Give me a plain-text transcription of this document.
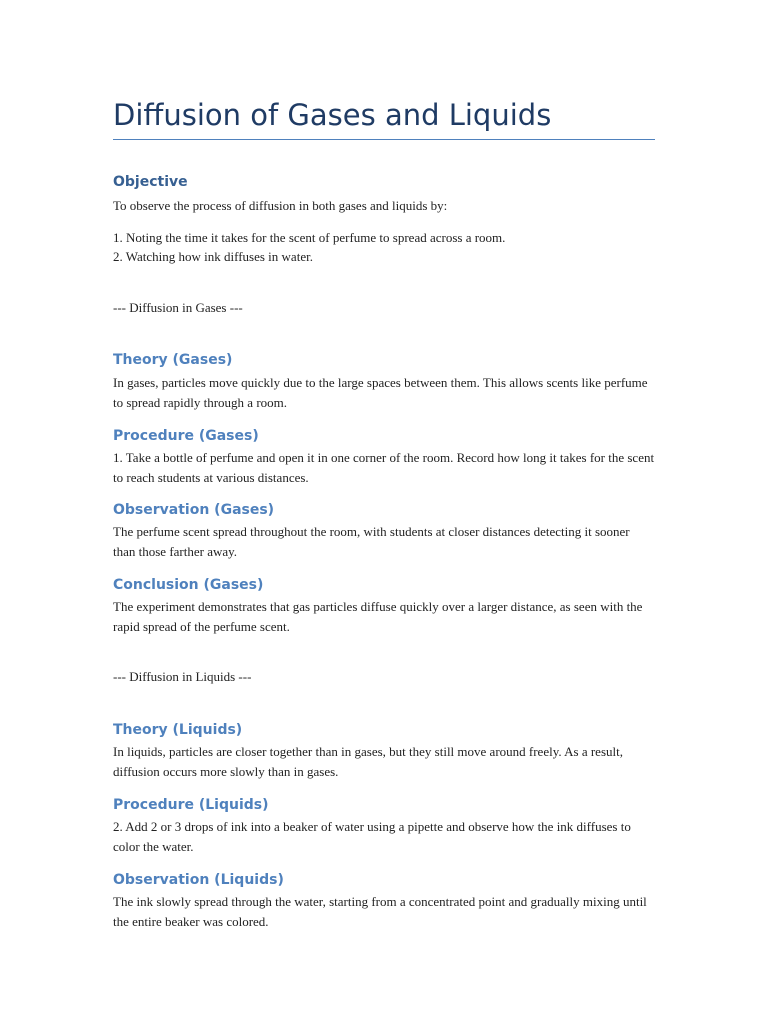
Diffusion of Gases and Liquids
Objective

To observe the process of diffusion in both gases and liquids by:

1. Noting the time it takes for the scent of perfume to spread across a room.

2. Watching how ink diffuses in water.

--- Diffusion in Gases ---

Theory (Gases)

In gases, particles move quickly due to the large spaces between them. This allows scents like perfume to spread rapidly through a room.

Procedure (Gases)

1. Take a bottle of perfume and open it in one corner of the room. Record how long it takes for the scent to reach students at various distances.

Observation (Gases)

The perfume scent spread throughout the room, with students at closer distances detecting it sooner than those farther away.

Conclusion (Gases)

The experiment demonstrates that gas particles diffuse quickly over a larger distance, as seen with the rapid spread of the perfume scent.

--- Diffusion in Liquids ---

Theory (Liquids)

In liquids, particles are closer together than in gases, but they still move around freely. As a result, diffusion occurs more slowly than in gases.

Procedure (Liquids)

2. Add 2 or 3 drops of ink into a beaker of water using a pipette and observe how the ink diffuses to color the water.

Observation (Liquids)

The ink slowly spread through the water, starting from a concentrated point and gradually mixing until the entire beaker was colored.
